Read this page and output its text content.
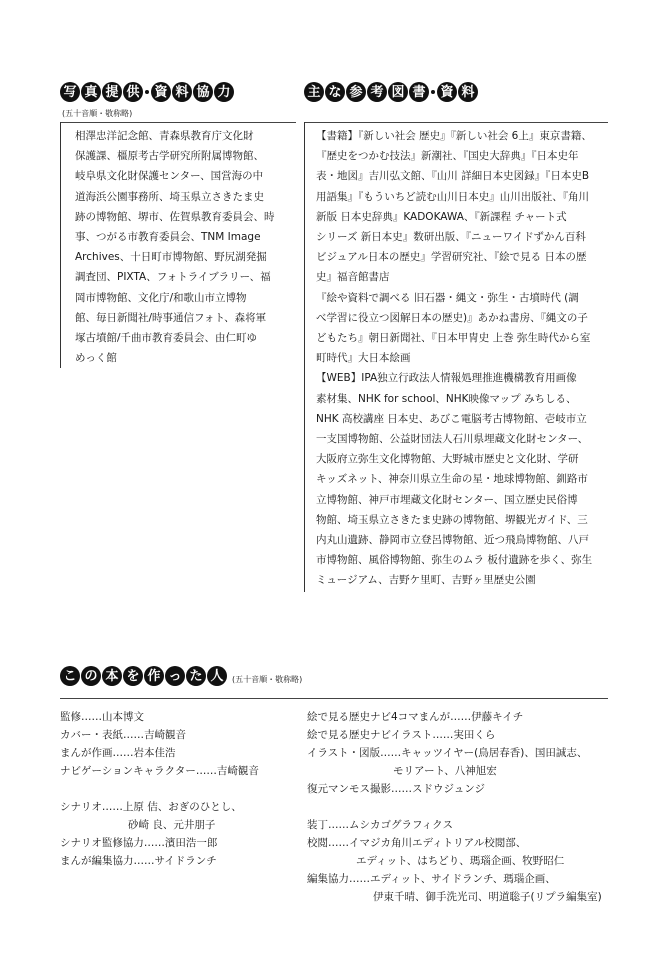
写 真 提 供 資 料 協 力
(五十音順・敬称略)
相澤忠洋記念館、青森県教育庁文化財
保護課、橿原考古学研究所附属博物館、
岐阜県文化財保護センター、国営海の中
道海浜公園事務所、埼玉県立さきたま史
跡の博物館、堺市、佐賀県教育委員会、時
事、つがる市教育委員会、TNM Image
Archives、十日町市博物館、野尻湖発掘
調査団、PIXTA、フォトライブラリー、福
岡市博物館、文化庁/和歌山市立博物
館、毎日新聞社/時事通信フォト、森将軍
塚古墳館/千曲市教育委員会、由仁町ゆ
めっく館
主 な 参 考 図 書 資 料
【書籍】『新しい社会 歴史』『新しい社会 6上』東京書籍、
『歴史をつかむ技法』新潮社、『国史大辞典』『日本史年
表・地図』吉川弘文館、『山川 詳細日本史図録』『日本史B
用語集』『もういちど読む山川日本史』山川出版社、『角川
新版 日本史辞典』KADOKAWA、『新課程 チャート式
シリーズ 新日本史』数研出版、『ニューワイドずかん百科
ビジュアル日本の歴史』学習研究社、『絵で見る 日本の歴
史』福音館書店
『絵や資料で調べる 旧石器・縄文・弥生・古墳時代 (調
べ学習に役立つ図解日本の歴史)』あかね書房、『縄文の子
どもたち』朝日新聞社、『日本甲冑史 上巻 弥生時代から室
町時代』大日本絵画
【WEB】IPA独立行政法人情報処理推進機構教育用画像
素材集、NHK for school、NHK映像マップ みちしる、
NHK 高校講座 日本史、あびこ電脳考古博物館、壱岐市立
一支国博物館、公益財団法人石川県埋蔵文化財センター、
大阪府立弥生文化博物館、大野城市歴史と文化財、学研
キッズネット、神奈川県立生命の星・地球博物館、釧路市
立博物館、神戸市埋蔵文化財センター、国立歴史民俗博
物館、埼玉県立さきたま史跡の博物館、堺観光ガイド、三
内丸山遺跡、静岡市立登呂博物館、近つ飛鳥博物館、八戸
市博物館、風俗博物館、弥生のムラ 板付遺跡を歩く、弥生
ミュージアム、吉野ケ里町、吉野ヶ里歴史公園
こ の 本 を 作 っ た 人	(五十音順・敬称略)
監修……山本博文
カバー・表紙……吉崎観音
まんが作画……岩本佳浩
ナビゲーションキャラクター……吉崎観音
シナリオ……上原 佶、おぎのひとし、
砂崎 良、元井朋子
シナリオ監修協力……濱田浩一郎
まんが編集協力……サイドランチ
絵で見る歴史ナビ4コマまんが……伊藤キイチ
絵で見る歴史ナビイラスト……実田くら
イラスト・図版……キャッツイヤー(鳥居春香)、国田誠志、
モリアート、八神旭宏
復元マンモス撮影……スドウジュンジ
装丁……ムシカゴグラフィクス
校閲……イマジカ角川エディトリアル校閲部、
エディット、はちどり、瑪瑙企画、牧野昭仁
編集協力……エディット、サイドランチ、瑪瑙企画、
伊東千晴、御手洗光司、明道聡子(リプラ編集室)
